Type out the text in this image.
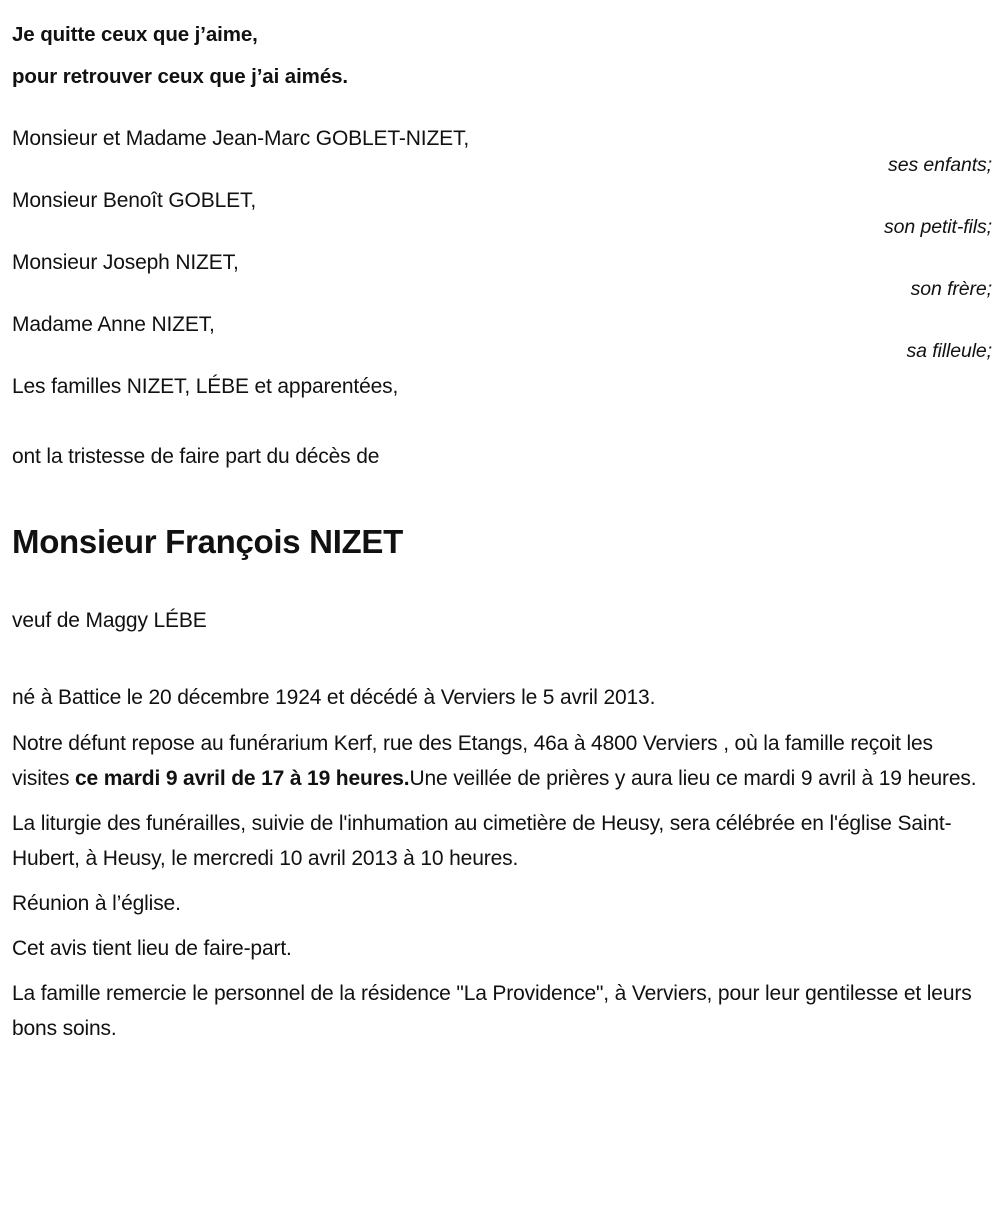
Je quitte ceux que j’aime,
pour retrouver ceux que j’ai aimés.
Monsieur et Madame Jean-Marc GOBLET-NIZET,
ses enfants;
Monsieur Benoît GOBLET,
son petit-fils;
Monsieur Joseph NIZET,
son frère;
Madame Anne NIZET,
sa filleule;
Les familles NIZET, LÉBE et apparentées,
ont la tristesse de faire part du décès de
Monsieur François NIZET
veuf de Maggy LÉBE

né à Battice le 20 décembre 1924 et décédé à Verviers le 5 avril 2013.

Notre défunt repose au funérarium Kerf, rue des Etangs, 46a à 4800 Verviers , où la famille reçoit les visites ce mardi 9 avril de 17 à 19 heures.Une veillée de prières y aura lieu ce mardi 9 avril à 19 heures.

La liturgie des funérailles, suivie de l'inhumation au cimetière de Heusy, sera célébrée en l'église Saint-Hubert, à Heusy, le mercredi 10 avril 2013 à 10 heures.

Réunion à l’église.

Cet avis tient lieu de faire-part.

La famille remercie le personnel de la résidence "La Providence", à Verviers, pour leur gentilesse et leurs bons soins.
